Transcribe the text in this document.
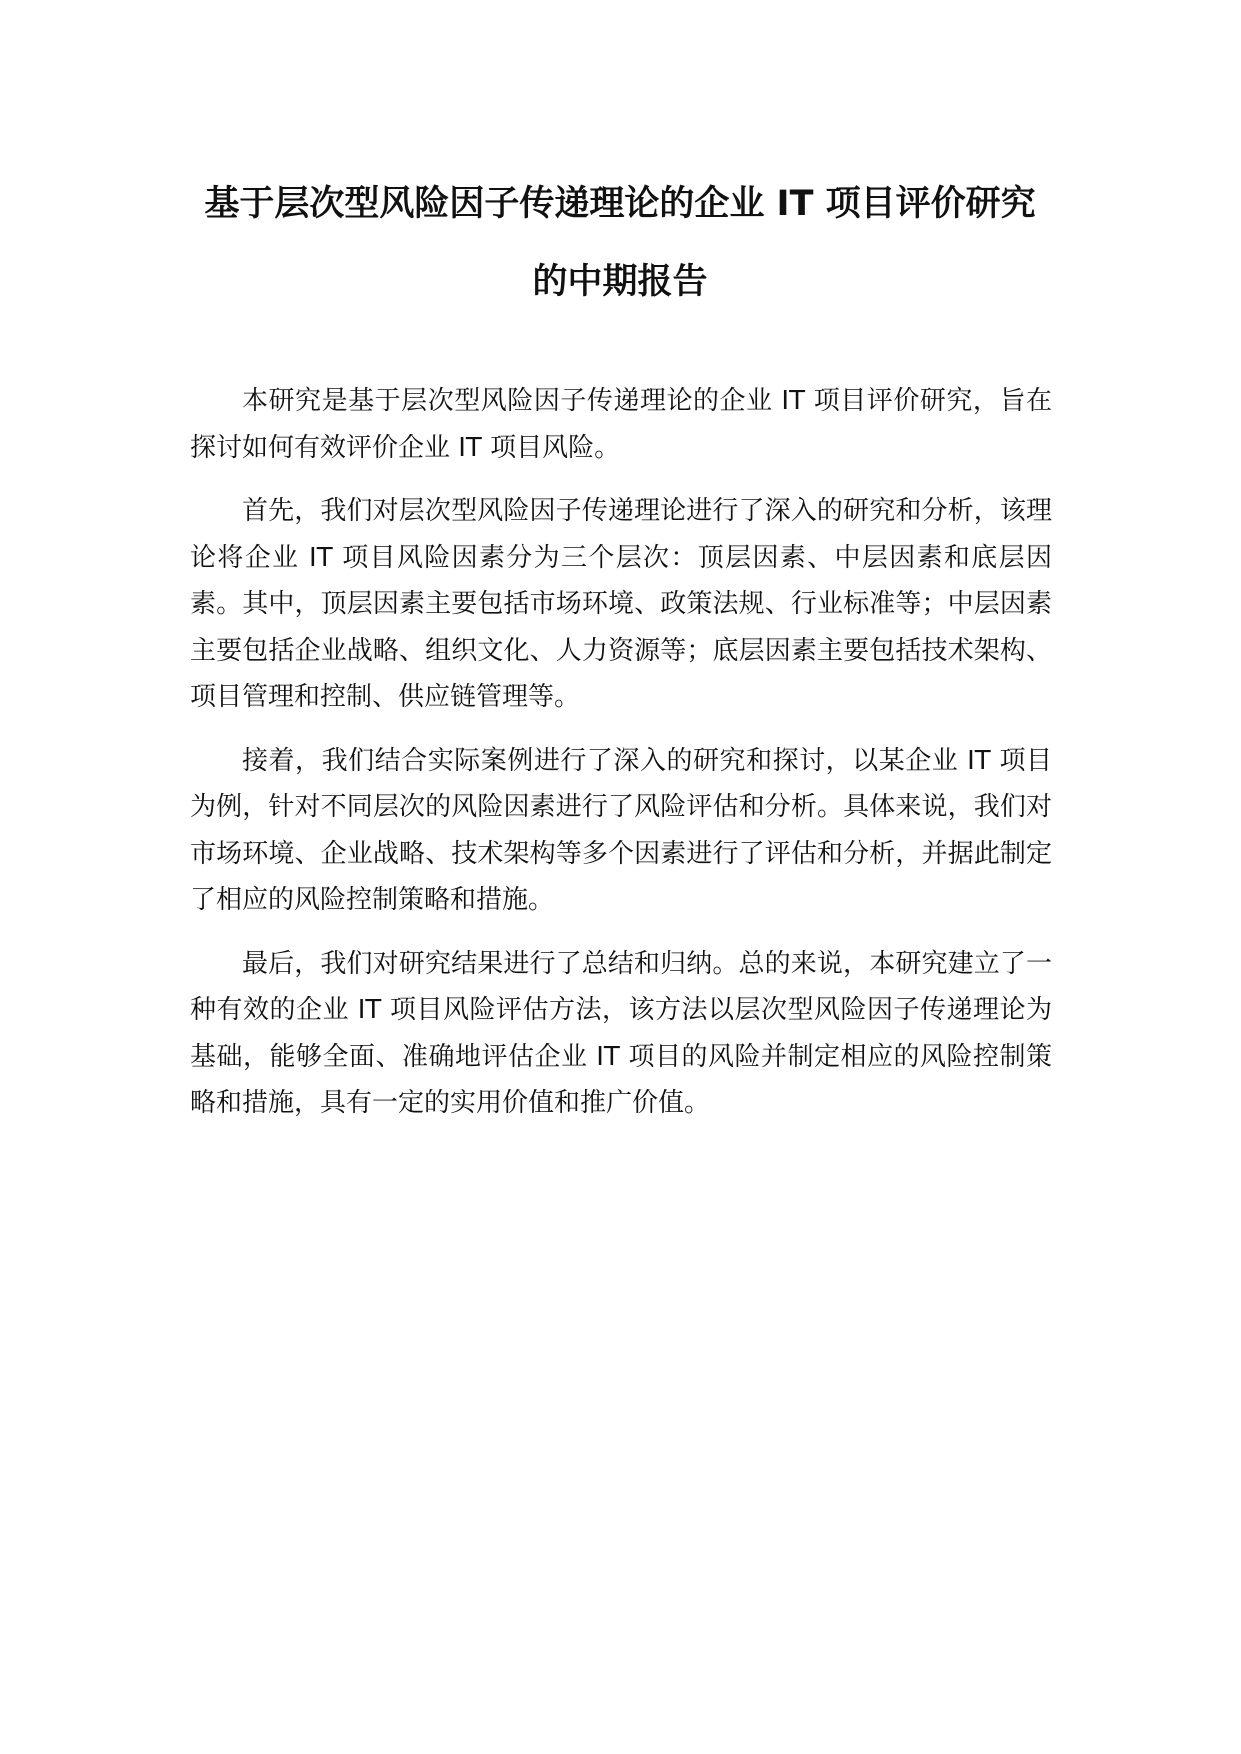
基于层次型风险因子传递理论的企业 IT 项目评价研究的中期报告

本研究是基于层次型风险因子传递理论的企业 IT 项目评价研究，旨在探讨如何有效评价企业 IT 项目风险。

首先，我们对层次型风险因子传递理论进行了深入的研究和分析，该理论将企业 IT 项目风险因素分为三个层次：顶层因素、中层因素和底层因素。其中，顶层因素主要包括市场环境、政策法规、行业标准等；中层因素主要包括企业战略、组织文化、人力资源等；底层因素主要包括技术架构、项目管理和控制、供应链管理等。

接着，我们结合实际案例进行了深入的研究和探讨，以某企业 IT 项目为例，针对不同层次的风险因素进行了风险评估和分析。具体来说，我们对市场环境、企业战略、技术架构等多个因素进行了评估和分析，并据此制定了相应的风险控制策略和措施。

最后，我们对研究结果进行了总结和归纳。总的来说，本研究建立了一种有效的企业 IT 项目风险评估方法，该方法以层次型风险因子传递理论为基础，能够全面、准确地评估企业 IT 项目的风险并制定相应的风险控制策略和措施，具有一定的实用价值和推广价值。
